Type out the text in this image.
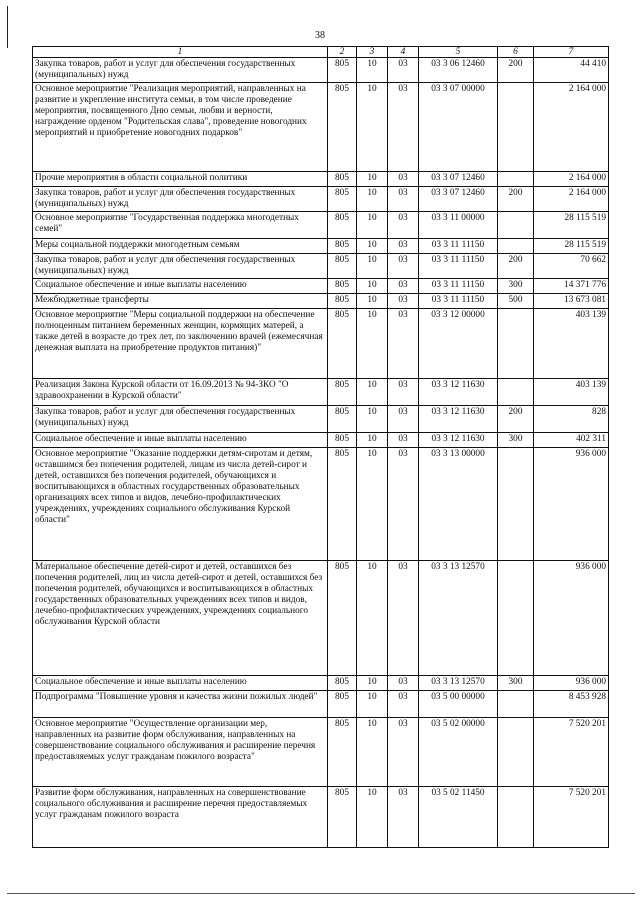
38
1	2	3	4	5	6	7
Закупка товаров, работ и услуг для обеспечения государственных (муниципальных) нужд	805	10	03	03 3 06 12460	200	44 410
Основное мероприятие "Реализация мероприятий, направленных на развитие и укрепление института семьи, в том числе проведение мероприятия, посвященного Дню семьи, любви и верности, награждение орденом "Родительская слава", проведение новогодних мероприятий и приобретение новогодних подарков"	805	10	03	03 3 07 00000		2 164 000
Прочие мероприятия в области социальной политики	805	10	03	03 3 07 12460		2 164 000
Закупка товаров, работ и услуг для обеспечения государственных (муниципальных) нужд	805	10	03	03 3 07 12460	200	2 164 000
Основное мероприятие "Государственная поддержка многодетных семей"	805	10	03	03 3 11 00000		28 115 519
Меры социальной поддержки многодетным семьям	805	10	03	03 3 11 11150		28 115 519
Закупка товаров, работ и услуг для обеспечения государственных (муниципальных) нужд	805	10	03	03 3 11 11150	200	70 662
Социальное обеспечение и иные выплаты населению	805	10	03	03 3 11 11150	300	14 371 776
Межбюджетные трансферты	805	10	03	03 3 11 11150	500	13 673 081
Основное мероприятие "Меры социальной поддержки на обеспечение полноценным питанием беременных женщин, кормящих матерей, а также детей в возрасте до трех лет, по заключению врачей (ежемесячная денежная выплата на приобретение продуктов питания)"	805	10	03	03 3 12 00000		403 139
Реализация Закона Курской области от 16.09.2013 № 94-ЗКО "О здравоохранении в Курской области"	805	10	03	03 3 12 11630		403 139
Закупка товаров, работ и услуг для обеспечения государственных (муниципальных) нужд	805	10	03	03 3 12 11630	200	828
Социальное обеспечение и иные выплаты населению	805	10	03	03 3 12 11630	300	402 311
Основное мероприятие "Оказание поддержки детям-сиротам и детям, оставшимся без попечения родителей, лицам из числа детей-сирот и детей, оставшихся без попечения родителей, обучающихся и воспитывающихся в областных государственных образовательных организациях всех типов и видов, лечебно-профилактических учреждениях, учреждениях социального обслуживания Курской области"	805	10	03	03 3 13 00000		936 000
Материальное обеспечение детей-сирот и детей, оставшихся без попечения родителей, лиц из числа детей-сирот и детей, оставшихся без попечения родителей, обучающихся и воспитывающихся в областных государственных образовательных учреждениях всех типов и видов, лечебно-профилактических учреждениях, учреждениях социального обслуживания Курской области	805	10	03	03 3 13 12570		936 000
Социальное обеспечение и иные выплаты населению	805	10	03	03 3 13 12570	300	936 000
Подпрограмма "Повышение уровня и качества жизни пожилых людей"	805	10	03	03 5 00 00000		8 453 928
Основное мероприятие "Осуществление организации мер, направленных на развитие форм обслуживания, направленных на совершенствование социального обслуживания и расширение перечня предоставляемых услуг гражданам пожилого возраста"	805	10	03	03 5 02 00000		7 520 201
Развитие форм обслуживания, направленных на совершенствование социального обслуживания и расширение перечня предоставляемых услуг гражданам пожилого возраста	805	10	03	03 5 02 11450		7 520 201
